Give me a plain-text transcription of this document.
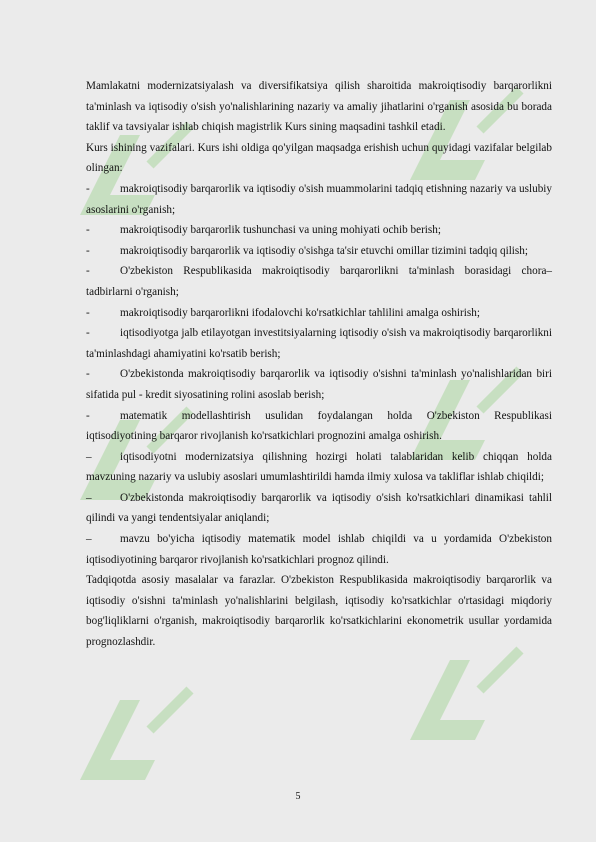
Mamlakatni modernizatsiyalash va diversifikatsiya qilish sharoitida makroiqtisodiy barqarorlikni ta'minlash va iqtisodiy o'sish yo'nalishlarining nazariy va amaliy jihatlarini o'rganish asosida bu borada taklif va tavsiyalar ishlab chiqish magistrlik Kurs sining maqsadini tashkil etadi.

Kurs ishining vazifalari. Kurs ishi oldiga qo'yilgan maqsadga erishish uchun quyidagi vazifalar belgilab olingan:

-	makroiqtisodiy barqarorlik va iqtisodiy o'sish muammolarini tadqiq etishning nazariy va uslubiy asoslarini o'rganish;

-	makroiqtisodiy barqarorlik tushunchasi va uning mohiyati ochib berish;

-	makroiqtisodiy barqarorlik va iqtisodiy o'sishga ta'sir etuvchi omillar tizimini tadqiq qilish;

-	O'zbekiston Respublikasida makroiqtisodiy barqarorlikni ta'minlash borasidagi chora–tadbirlarni o'rganish;

-	makroiqtisodiy barqarorlikni ifodalovchi ko'rsatkichlar tahlilini amalga oshirish;

-	iqtisodiyotga jalb etilayotgan investitsiyalarning iqtisodiy o'sish va makroiqtisodiy barqarorlikni ta'minlashdagi ahamiyatini ko'rsatib berish;

-	O'zbekistonda makroiqtisodiy barqarorlik va iqtisodiy o'sishni ta'minlash yo'nalishlaridan biri sifatida pul - kredit siyosatining rolini asoslab berish;

-	matematik modellashtirish usulidan foydalangan holda O'zbekiston Respublikasi iqtisodiyotining barqaror rivojlanish ko'rsatkichlari prognozini amalga oshirish.

–	iqtisodiyotni modernizatsiya qilishning hozirgi holati talablaridan kelib chiqqan holda mavzuning nazariy va uslubiy asoslari umumlashtirildi hamda ilmiy xulosa va takliflar ishlab chiqildi;

–	O'zbekistonda makroiqtisodiy barqarorlik va iqtisodiy o'sish ko'rsatkichlari dinamikasi tahlil qilindi va yangi tendentsiyalar aniqlandi;

–	mavzu bo'yicha iqtisodiy matematik model ishlab chiqildi va u yordamida O'zbekiston iqtisodiyotining barqaror rivojlanish ko'rsatkichlari prognoz qilindi.

Tadqiqotda asosiy masalalar va farazlar. O'zbekiston Respublikasida makroiqtisodiy barqarorlik va iqtisodiy o'sishni ta'minlash yo'nalishlarini belgilash, iqtisodiy ko'rsatkichlar o'rtasidagi miqdoriy bog'liqliklarni o'rganish, makroiqtisodiy barqarorlik ko'rsatkichlarini ekonometrik usullar yordamida prognozlashdir.

5
